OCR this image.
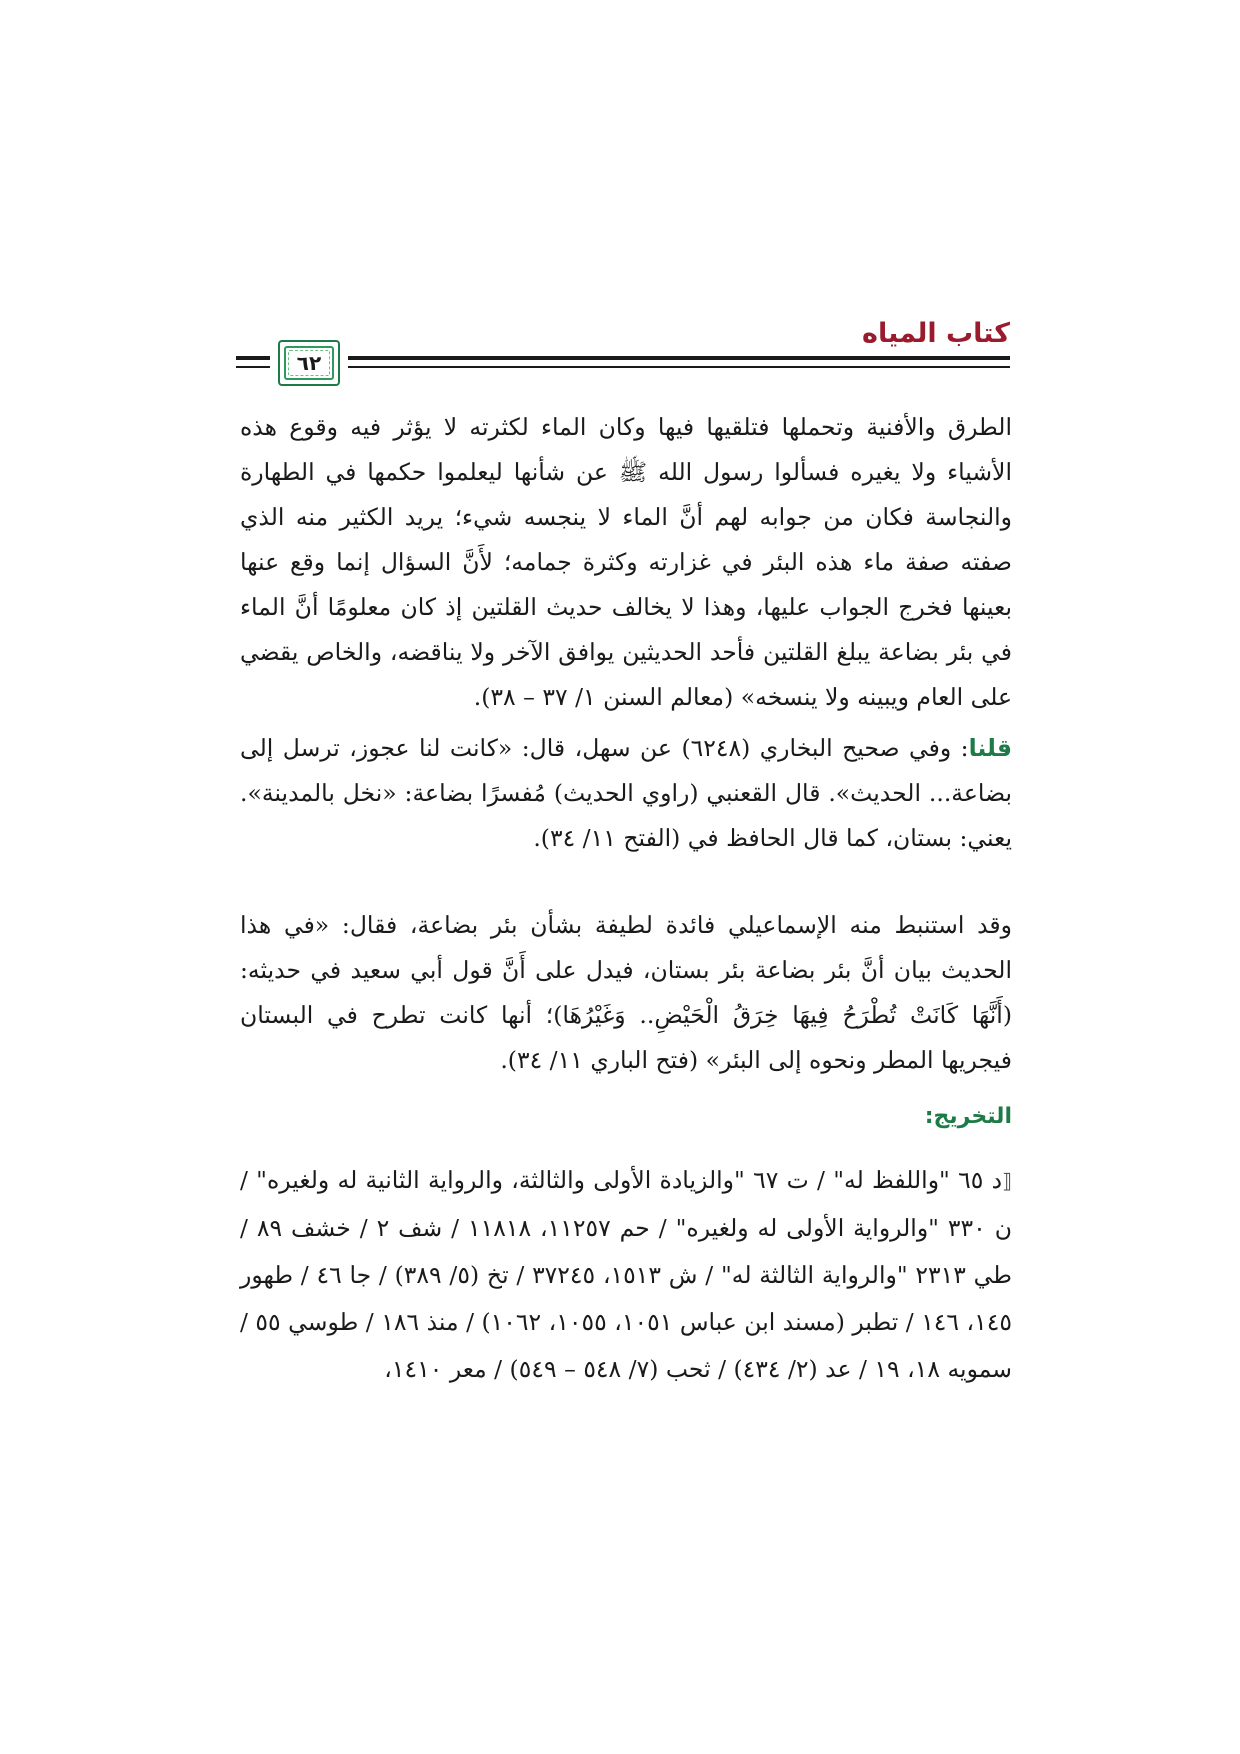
٦٢
كتاب المياه

الطرق والأفنية وتحملها فتلقيها فيها وكان الماء لكثرته لا يؤثر فيه وقوع هذه الأشياء ولا يغيره فسألوا رسول الله ﷺ عن شأنها ليعلموا حكمها في الطهارة والنجاسة فكان من جوابه لهم أنَّ الماء لا ينجسه شيء؛ يريد الكثير منه الذي صفته صفة ماء هذه البئر في غزارته وكثرة جمامه؛ لأَنَّ السؤال إنما وقع عنها بعينها فخرج الجواب عليها، وهذا لا يخالف حديث القلتين إذ كان معلومًا أنَّ الماء في بئر بضاعة يبلغ القلتين فأحد الحديثين يوافق الآخر ولا يناقضه، والخاص يقضي على العام ويبينه ولا ينسخه» (معالم السنن ١/ ٣٧ – ٣٨).

قلنا: وفي صحيح البخاري (٦٢٤٨) عن سهل، قال: «كانت لنا عجوز، ترسل إلى بضاعة... الحديث». قال القعنبي (راوي الحديث) مُفسرًا بضاعة: «نخل بالمدينة». يعني: بستان، كما قال الحافظ في (الفتح ١١/ ٣٤).

وقد استنبط منه الإسماعيلي فائدة لطيفة بشأن بئر بضاعة، فقال: «في هذا الحديث بيان أنَّ بئر بضاعة بئر بستان، فيدل على أَنَّ قول أبي سعيد في حديثه: (أَنَّهَا كَانَتْ تُطْرَحُ فِيهَا خِرَقُ الْحَيْضِ.. وَغَيْرُهَا)؛ أنها كانت تطرح في البستان فيجريها المطر ونحوه إلى البئر» (فتح الباري ١١/ ٣٤).

التخريج:

⟦د ٦٥ "واللفظ له" / ت ٦٧ "والزيادة الأولى والثالثة، والرواية الثانية له ولغيره" / ن ٣٣٠ "والرواية الأولى له ولغيره" / حم ١١٢٥٧، ١١٨١٨ / شف ٢ / خشف ٨٩ / طي ٢٣١٣ "والرواية الثالثة له" / ش ١٥١٣، ٣٧٢٤٥ / تخ (٥/ ٣٨٩) / جا ٤٦ / طهور ١٤٥، ١٤٦ / تطبر (مسند ابن عباس ١٠٥١، ١٠٥٥، ١٠٦٢) / منذ ١٨٦ / طوسي ٥٥ / سمويه ١٨، ١٩ / عد (٢/ ٤٣٤) / ثحب (٧/ ٥٤٨ – ٥٤٩) / معر ١٤١٠،
